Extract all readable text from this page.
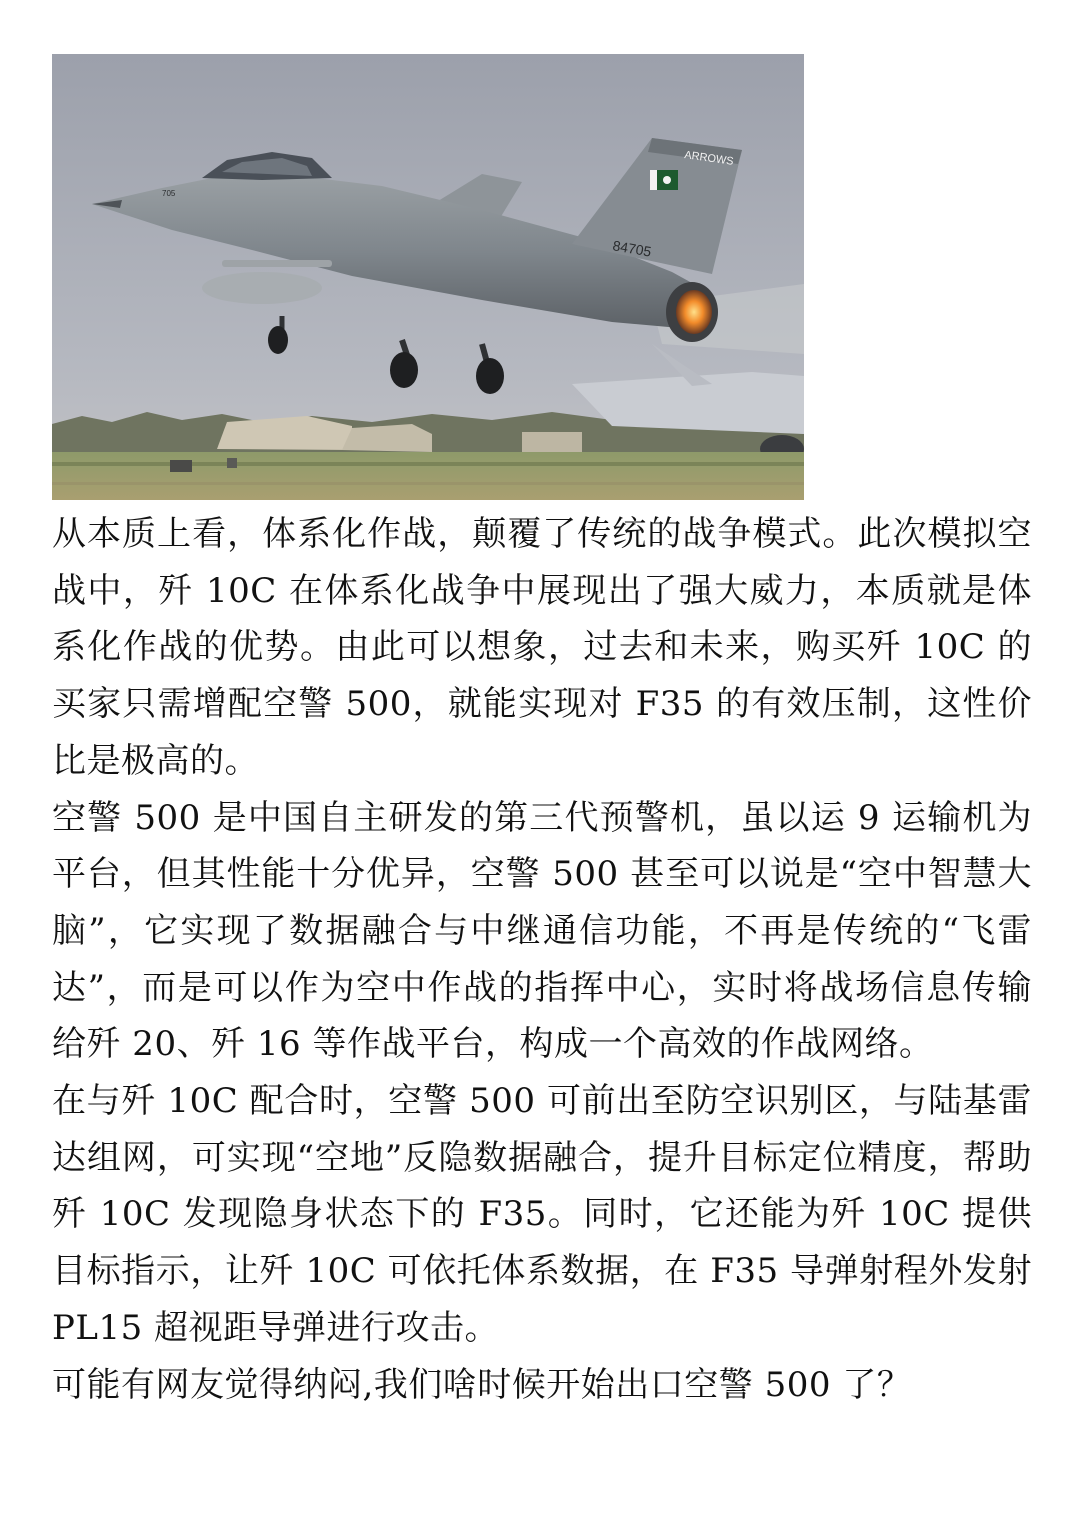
ARROWS
84705
705

从本质上看，体系化作战，颠覆了传统的战争模式。此次模拟空战中，歼 10C 在体系化战争中展现出了强大威力，本质就是体系化作战的优势。由此可以想象，过去和未来，购买歼 10C 的买家只需增配空警 500，就能实现对 F35 的有效压制，这性价比是极高的。

空警 500 是中国自主研发的第三代预警机，虽以运 9 运输机为平台，但其性能十分优异，空警 500 甚至可以说是“空中智慧大脑”，它实现了数据融合与中继通信功能，不再是传统的“飞雷达”，而是可以作为空中作战的指挥中心，实时将战场信息传输给歼 20、歼 16 等作战平台，构成一个高效的作战网络。

在与歼 10C 配合时，空警 500 可前出至防空识别区，与陆基雷达组网，可实现“空地”反隐数据融合，提升目标定位精度，帮助歼 10C 发现隐身状态下的 F35。同时，它还能为歼 10C 提供目标指示，让歼 10C 可依托体系数据，在 F35 导弹射程外发射 PL15 超视距导弹进行攻击。

可能有网友觉得纳闷,我们啥时候开始出口空警 500 了？
